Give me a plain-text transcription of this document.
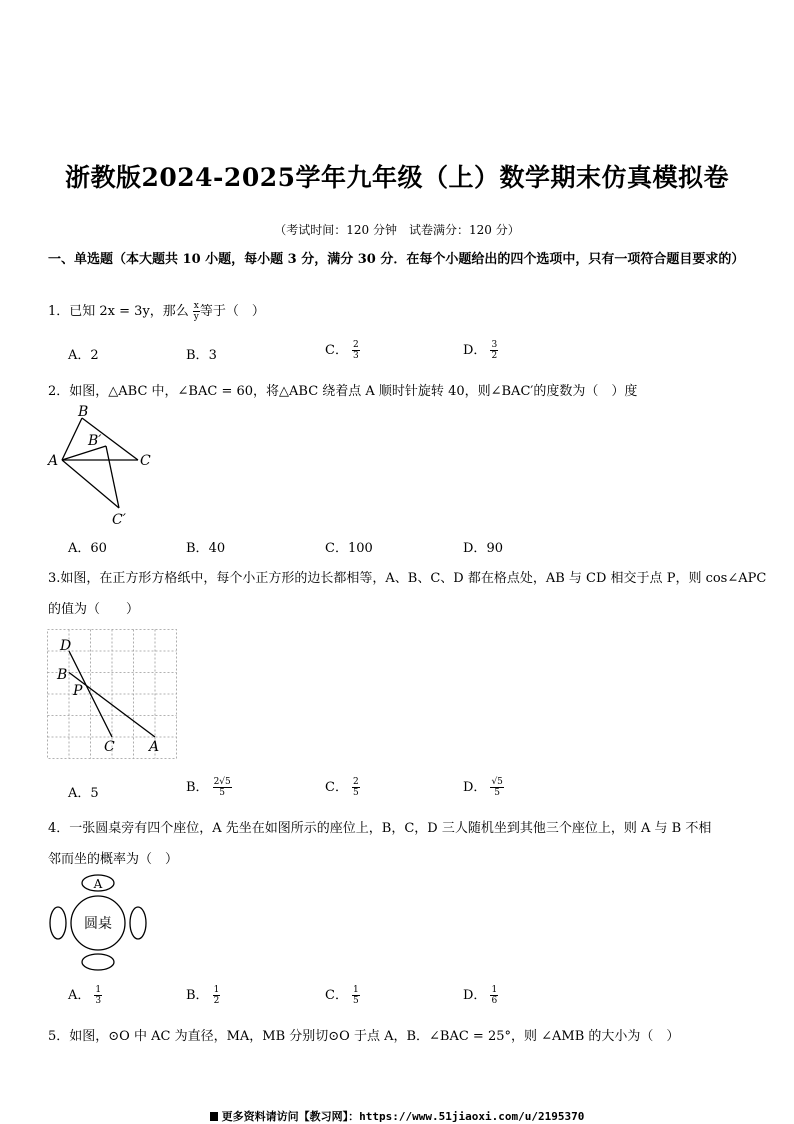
浙教版2024-2025学年九年级（上）数学期末仿真模拟卷
（考试时间：120 分钟　试卷满分：120 分）
一、单选题（本大题共 10 小题，每小题 3 分，满分 30 分．在每个小题给出的四个选项中，只有一项符合题目要求的）
1．已知 2x = 3y，那么 $\frac{x}{y}$ 等于（　）
A．2	B．3	C． $\frac{2}{3}$	D． $\frac{3}{2}$
2．如图，△ABC 中，∠BAC = 60，将△ABC 绕着点 A 顺时针旋转 40，则∠BAC′的度数为（　）度
B
B′
A	C
C′
A．60	B．40	C．100	D．90
3.如图，在正方形方格纸中，每个小正方形的边长都相等，A、B、C、D 都在格点处，AB 与 CD 相交于点 P，则 cos∠APC
的值为（　　）
D
B
P
C A
A．5	B． $\frac{2√5}{5}$	C． $\frac{2}{5}$	D． $\frac{√5}{5}$
4．一张圆桌旁有四个座位，A 先坐在如图所示的座位上，B，C，D 三人随机坐到其他三个座位上，则 A 与 B 不相
邻而坐的概率为（　）
A
圆桌
A． $\frac{1}{3}$	B． $\frac{1}{2}$	C． $\frac{1}{5}$	D． $\frac{1}{6}$
5．如图，⊙O 中 AC 为直径，MA，MB 分别切⊙O 于点 A，B．∠BAC = 25°，则 ∠AMB 的大小为（　）
更多资料请访问【教习网】：https://www.51jiaoxi.com/u/2195370
